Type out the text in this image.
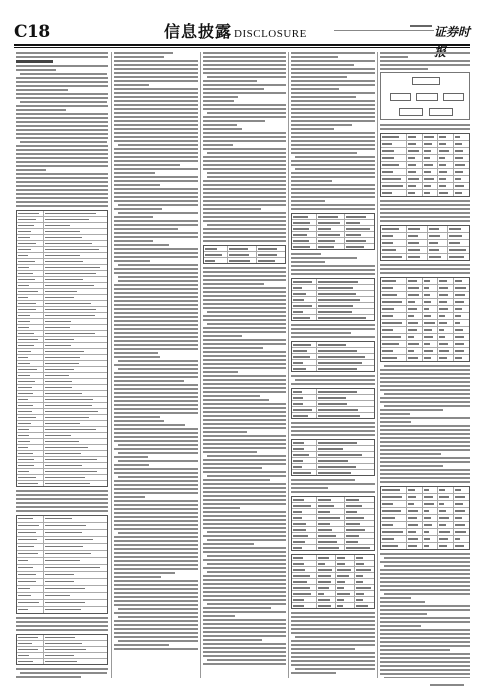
C18	信息披露 DISCLOSURE	证券时
